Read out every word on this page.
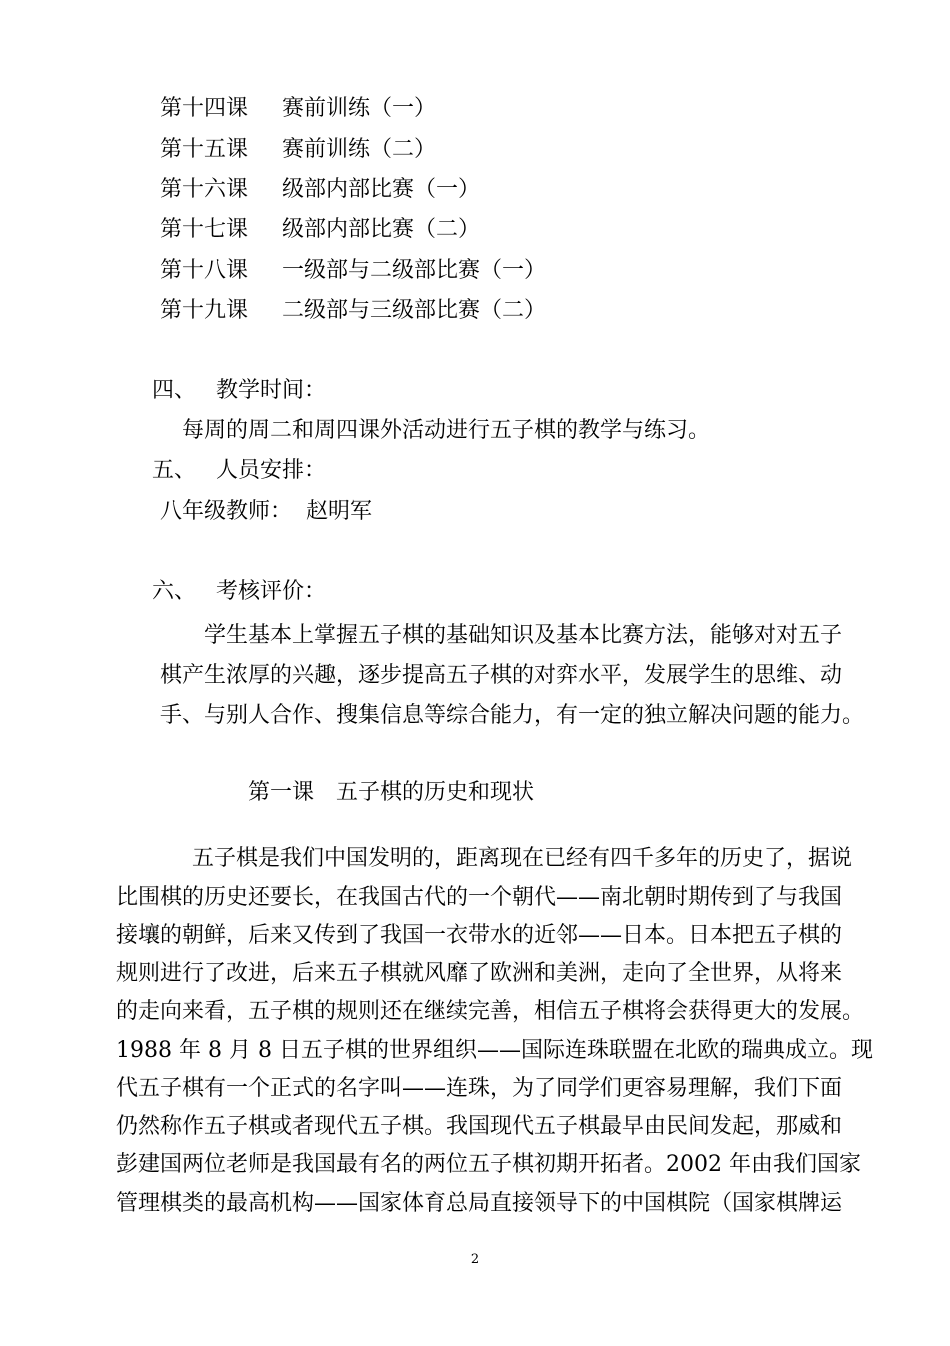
第十四课 赛前训练（一）
第十五课 赛前训练（二）
第十六课 级部内部比赛（一）
第十七课 级部内部比赛（二）
第十八课 一级部与二级部比赛（一）
第十九课 二级部与三级部比赛（二）
四、 教学时间：
每周的周二和周四课外活动进行五子棋的教学与练习。
五、 人员安排：
八年级教师：  赵明军
六、 考核评价：
学生基本上掌握五子棋的基础知识及基本比赛方法，能够对对五子
棋产生浓厚的兴趣，逐步提高五子棋的对弈水平，发展学生的思维、动
手、与别人合作、搜集信息等综合能力，有一定的独立解决问题的能力。
第一课　五子棋的历史和现状
五子棋是我们中国发明的，距离现在已经有四千多年的历史了，据说
比围棋的历史还要长，在我国古代的一个朝代——南北朝时期传到了与我国
接壤的朝鲜，后来又传到了我国一衣带水的近邻——日本。日本把五子棋的
规则进行了改进，后来五子棋就风靡了欧洲和美洲，走向了全世界，从将来
的走向来看，五子棋的规则还在继续完善，相信五子棋将会获得更大的发展。
1988 年 8 月 8 日五子棋的世界组织——国际连珠联盟在北欧的瑞典成立。现
代五子棋有一个正式的名字叫——连珠，为了同学们更容易理解，我们下面
仍然称作五子棋或者现代五子棋。我国现代五子棋最早由民间发起，那威和
彭建国两位老师是我国最有名的两位五子棋初期开拓者。2002 年由我们国家
管理棋类的最高机构——国家体育总局直接领导下的中国棋院（国家棋牌运
2
